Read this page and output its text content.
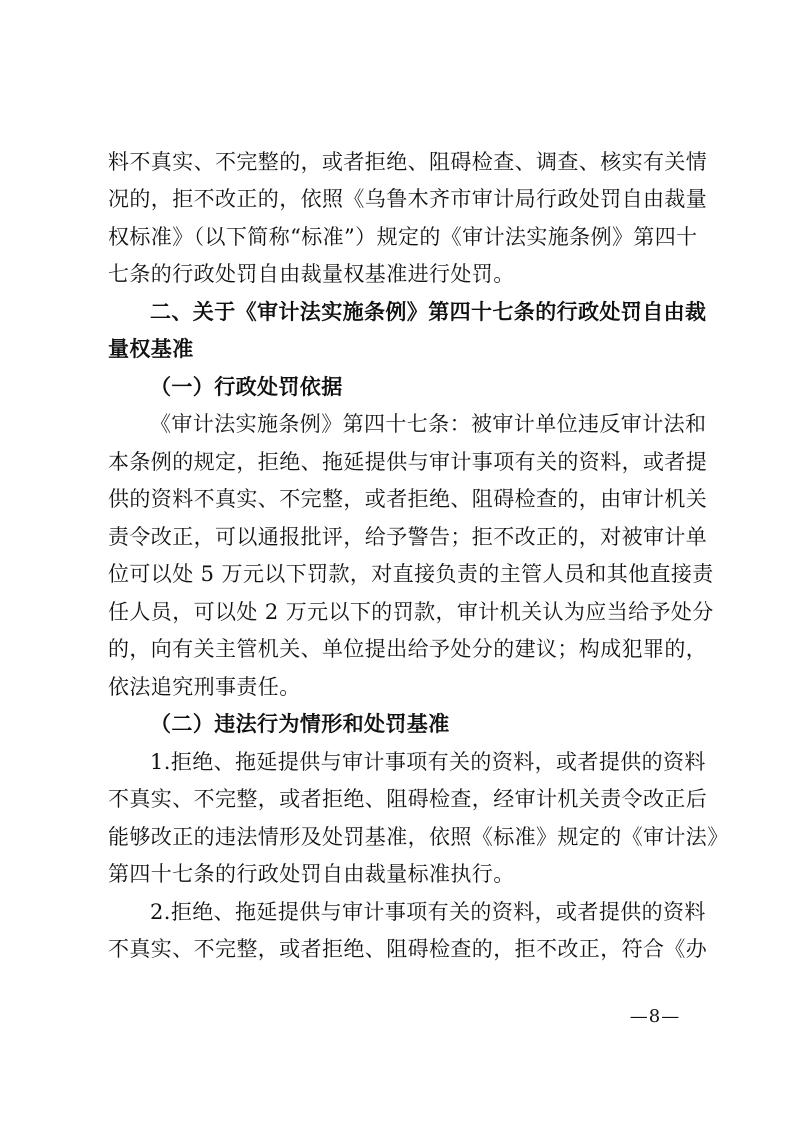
料不真实、不完整的，或者拒绝、阻碍检查、调查、核实有关情
况的，拒不改正的，依照《乌鲁木齐市审计局行政处罚自由裁量
权标准》（以下简称“标准”）规定的《审计法实施条例》第四十
七条的行政处罚自由裁量权基准进行处罚。
二、关于《审计法实施条例》第四十七条的行政处罚自由裁
量权基准
（一）行政处罚依据
《审计法实施条例》第四十七条：被审计单位违反审计法和
本条例的规定，拒绝、拖延提供与审计事项有关的资料，或者提
供的资料不真实、不完整，或者拒绝、阻碍检查的，由审计机关
责令改正，可以通报批评，给予警告；拒不改正的，对被审计单
位可以处 5 万元以下罚款，对直接负责的主管人员和其他直接责
任人员，可以处 2 万元以下的罚款，审计机关认为应当给予处分
的，向有关主管机关、单位提出给予处分的建议；构成犯罪的，
依法追究刑事责任。
（二）违法行为情形和处罚基准
1.拒绝、拖延提供与审计事项有关的资料，或者提供的资料
不真实、不完整，或者拒绝、阻碍检查，经审计机关责令改正后
能够改正的违法情形及处罚基准，依照《标准》规定的《审计法》
第四十七条的行政处罚自由裁量标准执行。
2.拒绝、拖延提供与审计事项有关的资料，或者提供的资料
不真实、不完整，或者拒绝、阻碍检查的，拒不改正，符合《办
—8—
